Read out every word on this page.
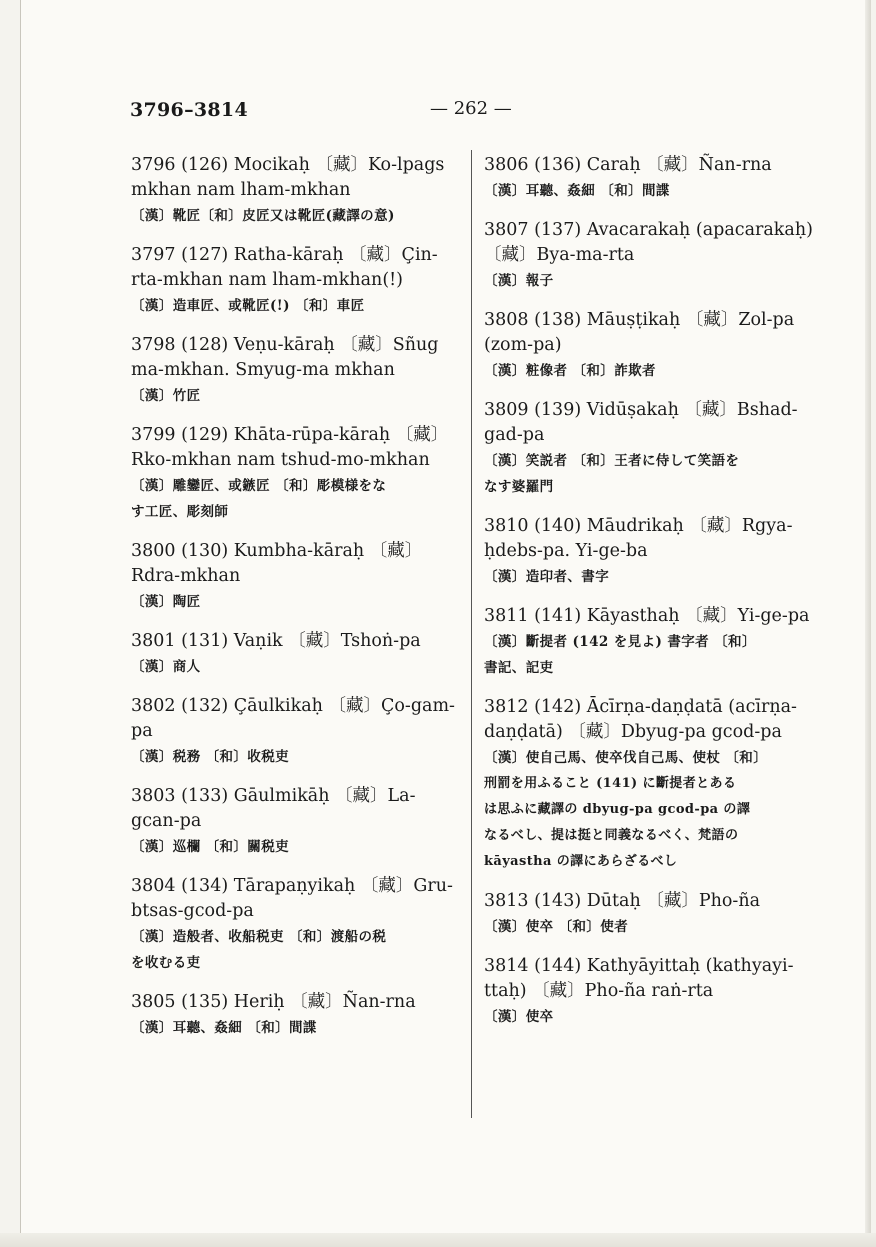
3796–3814	— 262 —
3796 (126) Mocikaḥ 〔藏〕Ko-lpags
mkhan nam lham-mkhan
〔漢〕靴匠〔和〕皮匠又は靴匠(藏譯の意)
3797 (127) Ratha-kāraḥ 〔藏〕Çin-
rta-mkhan nam lham-mkhan(!)
〔漢〕造車匠、或靴匠(!) 〔和〕車匠
3798 (128) Veṇu-kāraḥ 〔藏〕Sñug
ma-mkhan. Smyug-ma mkhan
〔漢〕竹匠
3799 (129) Khāta-rūpa-kāraḥ 〔藏〕
Rko-mkhan nam tshud-mo-mkhan
〔漢〕雕鑾匠、或鏃匠 〔和〕彫模様をな
す工匠、彫刻師
3800 (130) Kumbha-kāraḥ 〔藏〕
Rdra-mkhan
〔漢〕陶匠
3801 (131) Vaṇik 〔藏〕Tshoṅ-pa
〔漢〕商人
3802 (132) Çāulkikaḥ 〔藏〕Ço-gam-
pa
〔漢〕税務 〔和〕收税吏
3803 (133) Gāulmikāḥ 〔藏〕La-
gcan-pa
〔漢〕巡欄 〔和〕關税吏
3804 (134) Tārapaṇyikaḥ 〔藏〕Gru-
btsas-gcod-pa
〔漢〕造般者、收船税吏 〔和〕渡船の税
を收むる吏
3805 (135) Heriḥ 〔藏〕Ñan-rna
〔漢〕耳聽、姦細 〔和〕間諜
3806 (136) Caraḥ 〔藏〕Ñan-rna
〔漢〕耳聽、姦細 〔和〕間諜
3807 (137) Avacarakaḥ (apacarakaḥ)
〔藏〕Bya-ma-rta
〔漢〕報子
3808 (138) Māuṣṭikaḥ 〔藏〕Zol-pa
(zom-pa)
〔漢〕粧像者 〔和〕詐欺者
3809 (139) Vidūṣakaḥ 〔藏〕Bshad-
gad-pa
〔漢〕笑説者 〔和〕王者に侍して笑語を
なす婆羅門
3810 (140) Māudrikaḥ 〔藏〕Rgya-
ḥdebs-pa. Yi-ge-ba
〔漢〕造印者、書字
3811 (141) Kāyasthaḥ 〔藏〕Yi-ge-pa
〔漢〕斷提者 (142 を見よ) 書字者 〔和〕
書記、記吏
3812 (142) Ācīrṇa-daṇḍatā (acīrṇa-
daṇḍatā) 〔藏〕Dbyug-pa gcod-pa
〔漢〕使自己馬、使卒伐自己馬、使杖 〔和〕
刑罰を用ふること (141) に斷提者とある
は思ふに藏譯の dbyug-pa gcod-pa の譯
なるべし、提は挺と同義なるべく、梵語の
kāyastha の譯にあらざるべし
3813 (143) Dūtaḥ 〔藏〕Pho-ña
〔漢〕使卒 〔和〕使者
3814 (144) Kathyāyittaḥ (kathyayi-
ttaḥ) 〔藏〕Pho-ña raṅ-rta
〔漢〕使卒
